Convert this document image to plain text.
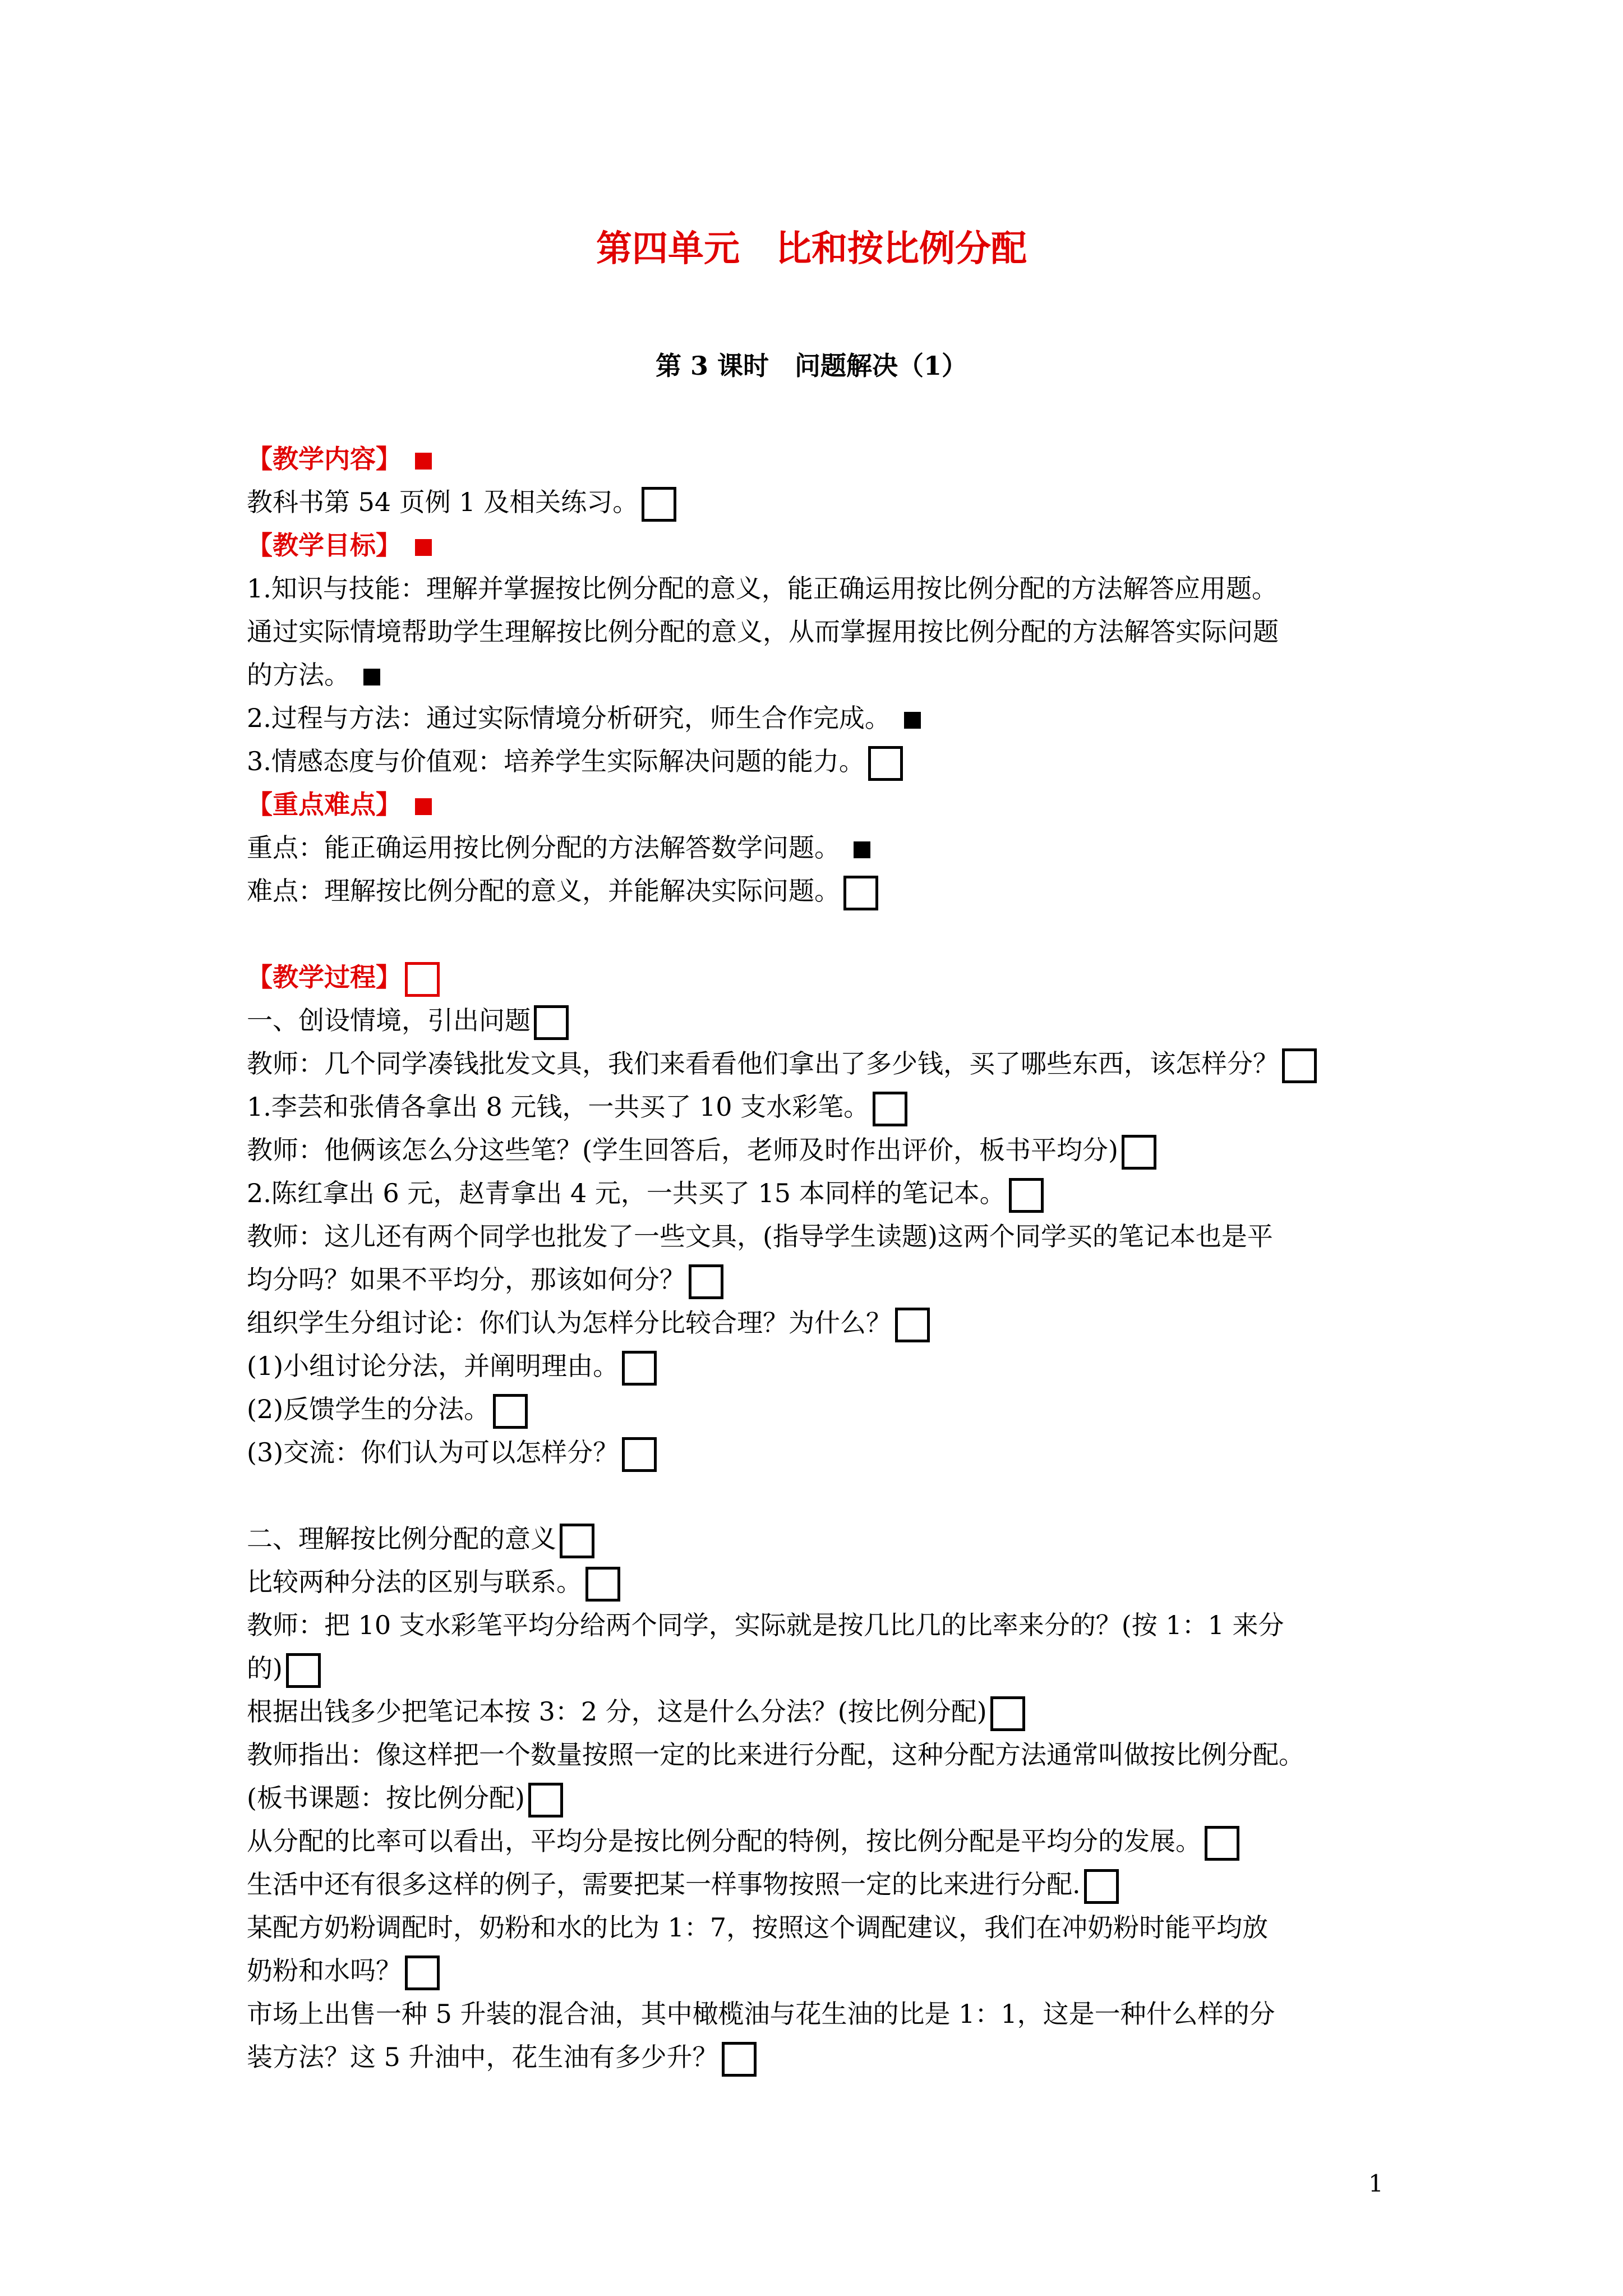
第四单元　比和按比例分配
第 3 课时　问题解决（1）
【教学内容】
教科书第 54 页例 1 及相关练习。
【教学目标】
1.知识与技能：理解并掌握按比例分配的意义，能正确运用按比例分配的方法解答应用题。
通过实际情境帮助学生理解按比例分配的意义，从而掌握用按比例分配的方法解答实际问题
的方法。
2.过程与方法：通过实际情境分析研究，师生合作完成。
3.情感态度与价值观：培养学生实际解决问题的能力。
【重点难点】
重点：能正确运用按比例分配的方法解答数学问题。
难点：理解按比例分配的意义，并能解决实际问题。
【教学过程】
一、创设情境，引出问题
教师：几个同学凑钱批发文具，我们来看看他们拿出了多少钱，买了哪些东西，该怎样分？
1.李芸和张倩各拿出 8 元钱，一共买了 10 支水彩笔。
教师：他俩该怎么分这些笔？(学生回答后，老师及时作出评价，板书平均分)
2.陈红拿出 6 元，赵青拿出 4 元，一共买了 15 本同样的笔记本。
教师：这儿还有两个同学也批发了一些文具，(指导学生读题)这两个同学买的笔记本也是平
均分吗？如果不平均分，那该如何分？
组织学生分组讨论：你们认为怎样分比较合理？为什么？
(1)小组讨论分法，并阐明理由。
(2)反馈学生的分法。
(3)交流：你们认为可以怎样分？
二、理解按比例分配的意义
比较两种分法的区别与联系。
教师：把 10 支水彩笔平均分给两个同学，实际就是按几比几的比率来分的？(按 1：1 来分
的)
根据出钱多少把笔记本按 3：2 分，这是什么分法？(按比例分配)
教师指出：像这样把一个数量按照一定的比来进行分配，这种分配方法通常叫做按比例分配。
(板书课题：按比例分配)
从分配的比率可以看出，平均分是按比例分配的特例，按比例分配是平均分的发展。
生活中还有很多这样的例子，需要把某一样事物按照一定的比来进行分配.
某配方奶粉调配时，奶粉和水的比为 1：7，按照这个调配建议，我们在冲奶粉时能平均放
奶粉和水吗？
市场上出售一种 5 升装的混合油，其中橄榄油与花生油的比是 1：1，这是一种什么样的分
装方法？这 5 升油中，花生油有多少升？
1
